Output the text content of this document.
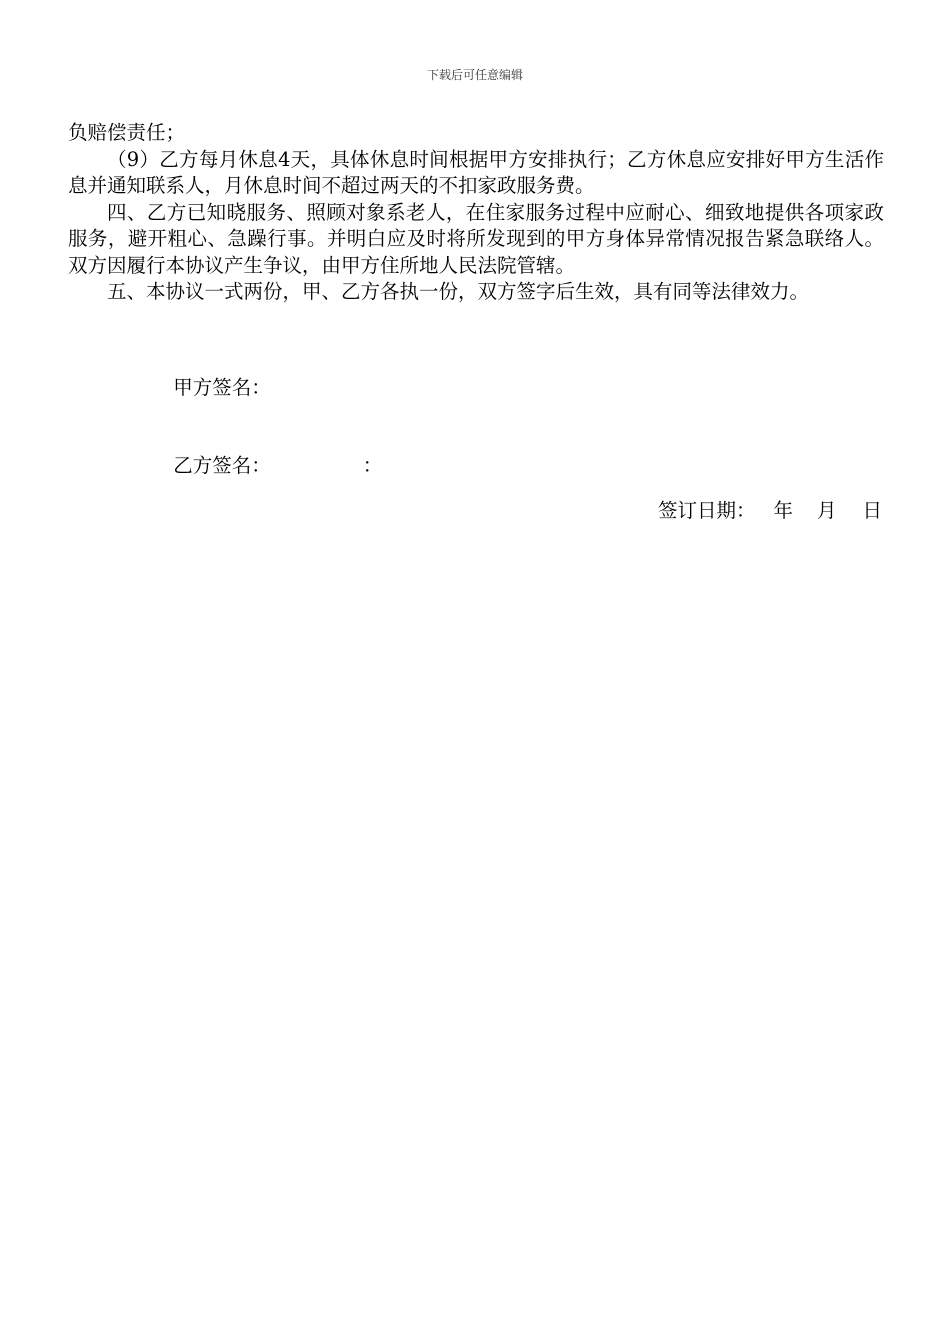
下载后可任意编辑

负赔偿责任；

（9）乙方每月休息4天，具体休息时间根据甲方安排执行；乙方休息应安排好甲方生活作息并通知联系人，月休息时间不超过两天的不扣家政服务费。

四、乙方已知晓服务、照顾对象系老人，在住家服务过程中应耐心、细致地提供各项家政服务，避开粗心、急躁行事。并明白应及时将所发现到的甲方身体异常情况报告紧急联络人。双方因履行本协议产生争议，由甲方住所地人民法院管辖。

五、本协议一式两份，甲、乙方各执一份，双方签字后生效，具有同等法律效力。

甲方签名：

乙方签名：	：

签订日期： 年 月 日
